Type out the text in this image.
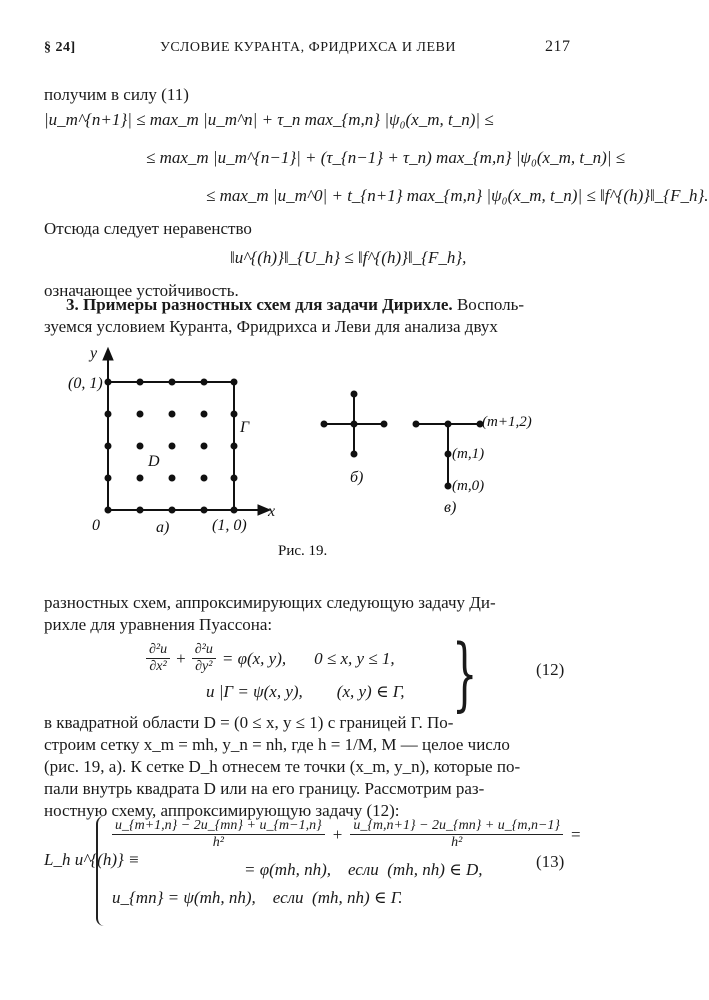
§ 24]	УСЛОВИЕ КУРАНТА, ФРИДРИХСА И ЛЕВИ	217
получим в силу (11)
|u_m^{n+1}| ≤ max_m |u_m^n| + τ_n max_{m,n} |ψ₀(x_m, t_n)| ≤
≤ max_m |u_m^{n−1}| + (τ_{n−1} + τ_n) max_{m,n} |ψ₀(x_m, t_n)| ≤
≤ max_m |u_m^0| + t_{n+1} max_{m,n} |ψ₀(x_m, t_n)| ≤ ‖f^{(h)}‖_{F_h}.
Отсюда следует неравенство
‖u^{(h)}‖_{U_h} ≤ ‖f^{(h)}‖_{F_h},
означающее устойчивость.
3. Примеры разностных схем для задачи Дирихле. Восполь-
зуемся условием Куранта, Фридрихса и Леви для анализа двух
y
(0, 1)
Γ
D
0	а)	(1, 0)
x
б)
(m+1,2)
(m,1)
(m,0)
в)
Рис. 19.
разностных схем, аппроксимирующих следующую задачу Ди-
рихле для уравнения Пуассона:
$\frac{\text{∂²u}}{\text{∂x²}} + \frac{\text{∂²u}}{\text{∂y²}} = \varphi(x$, y), 0 ≤ x, y ≤ 1,
u |Γ = ψ(x, y), (x, y) ∈ Γ, }	(12)
в квадратной области D = (0 ≤ x, y ≤ 1) с границей Γ. По-
строим сетку x_m = mh, y_n = nh, где h = 1/M, M — целое число
(рис. 19, а). К сетке D_h отнесем те точки (x_m, y_n), которые по-
пали внутрь квадрата D или на его границу. Рассмотрим раз-
ностную схему, аппроксимирующую задачу (12):
L_h u^{(h)} ≡
$\frac{u\_\{m+1,n\} - 2u\_\{mn\} + u\_\{m-1,n\}}{\text{h²}} + \frac{u\_\{m,n+1\} - 2u\_\{mn\} + u\_\{m,n-1\}}{\text{h²}}$ =
= φ(mh, nh),    если  (mh, nh) ∈ D,
u_{mn} = ψ(mh, nh),    если  (mh, nh) ∈ Γ.
(13)
